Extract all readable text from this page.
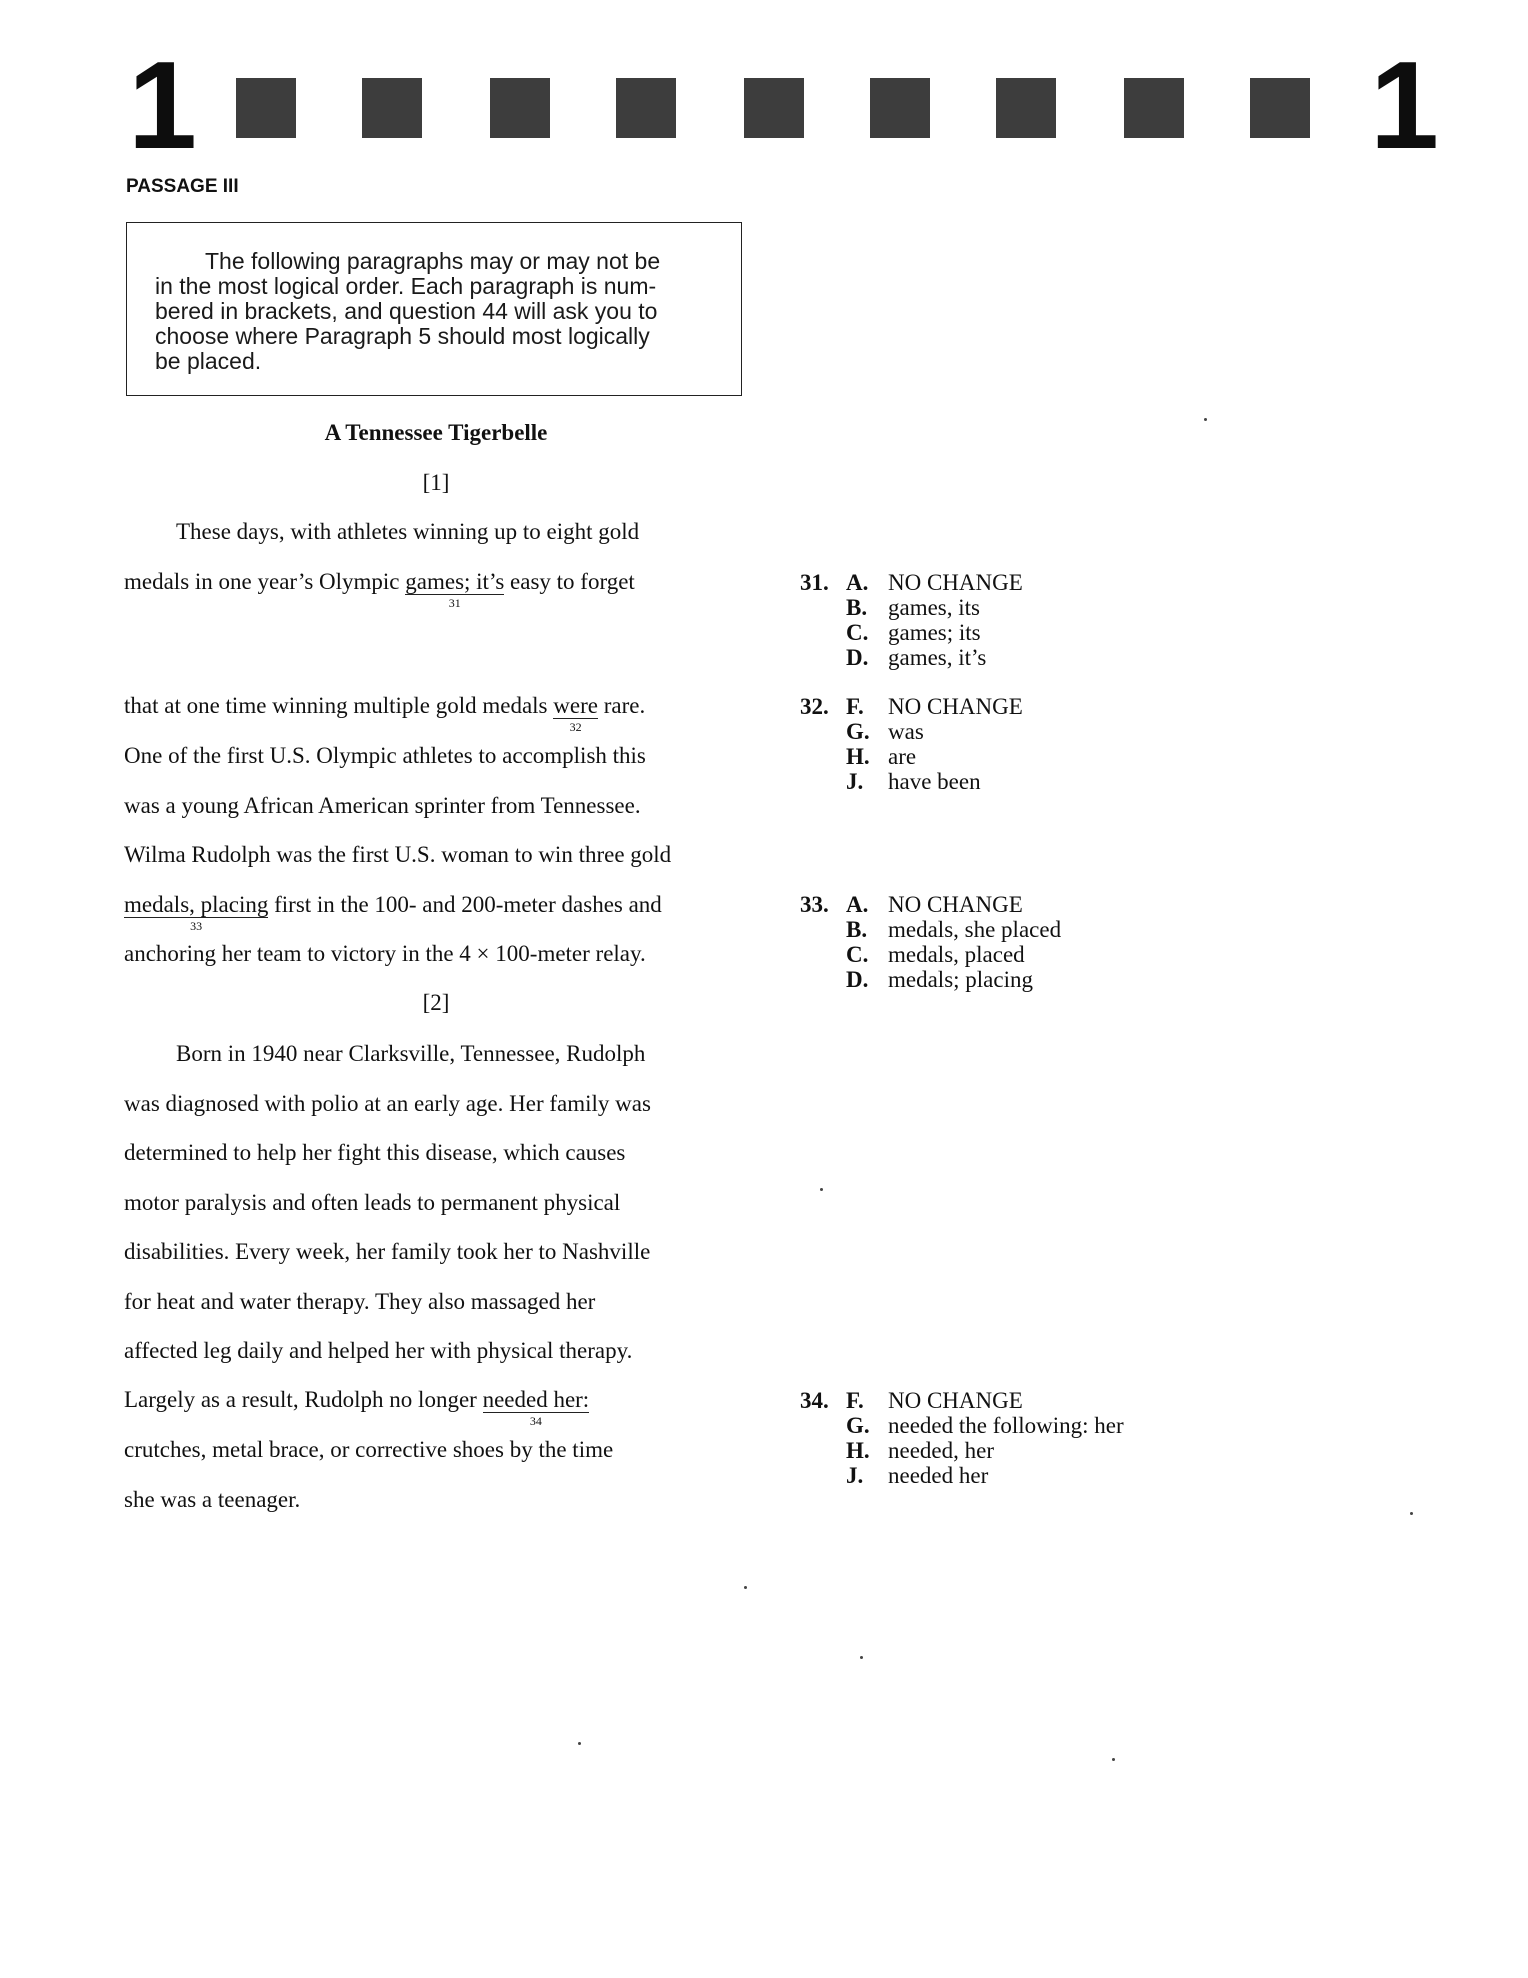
1	1
PASSAGE III
The following paragraphs may or may not be
in the most logical order. Each paragraph is num-
bered in brackets, and question 44 will ask you to
choose where Paragraph 5 should most logically
be placed.
A Tennessee Tigerbelle
[1]
These days, with athletes winning up to eight gold
medals in one year’s Olympic games; it’s
31
easy to forget
that at one time winning multiple gold medals were
32
rare.
One of the first U.S. Olympic athletes to accomplish this
was a young African American sprinter from Tennessee.
Wilma Rudolph was the first U.S. woman to win three gold
medals, placing
33
first in the 100- and 200-meter dashes and
anchoring her team to victory in the 4 × 100-meter relay.
[2]
Born in 1940 near Clarksville, Tennessee, Rudolph
was diagnosed with polio at an early age. Her family was
determined to help her fight this disease, which causes
motor paralysis and often leads to permanent physical
disabilities. Every week, her family took her to Nashville
for heat and water therapy. They also massaged her
affected leg daily and helped her with physical therapy.
Largely as a result, Rudolph no longer needed her:
34
crutches, metal brace, or corrective shoes by the time
she was a teenager.
31. A. NO CHANGE
B. games, its
C. games; its
D. games, it’s
32. F.	NO CHANGE
G. was
H. are
J.	have been
33. A. NO CHANGE
B. medals, she placed
C. medals, placed
D. medals; placing
34. F.	NO CHANGE
G. needed the following: her
H. needed, her
J.	needed her
